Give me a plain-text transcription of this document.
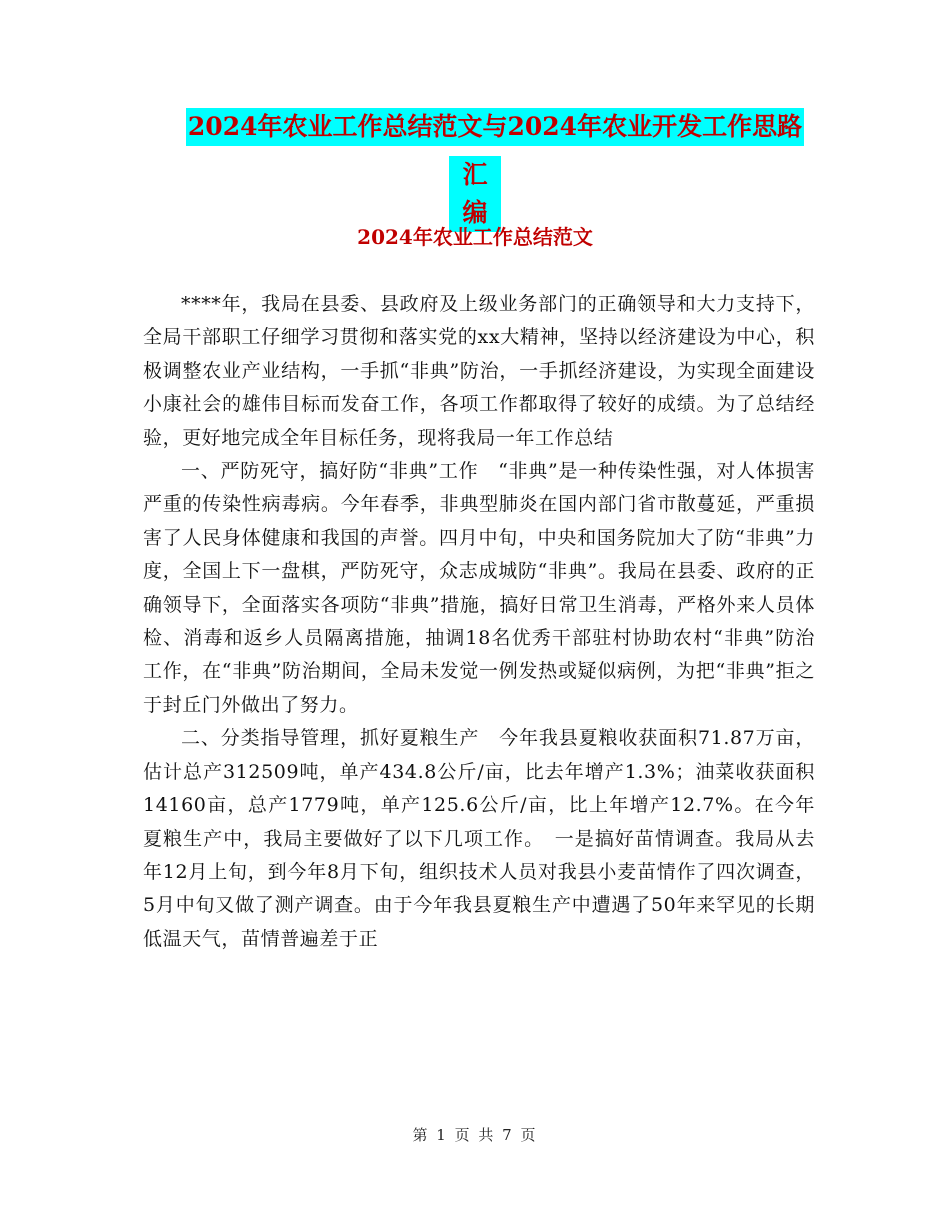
2024年农业工作总结范文与2024年农业开发工作思路
汇编
2024年农业工作总结范文

****年，我局在县委、县政府及上级业务部门的正确领导和大力支持下，全局干部职工仔细学习贯彻和落实党的xx大精神，坚持以经济建设为中心，积极调整农业产业结构，一手抓“非典”防治，一手抓经济建设，为实现全面建设小康社会的雄伟目标而发奋工作，各项工作都取得了较好的成绩。为了总结经验，更好地完成全年目标任务，现将我局一年工作总结

一、严防死守，搞好防“非典”工作　“非典”是一种传染性强，对人体损害严重的传染性病毒病。今年春季，非典型肺炎在国内部门省市散蔓延，严重损害了人民身体健康和我国的声誉。四月中旬，中央和国务院加大了防“非典”力度，全国上下一盘棋，严防死守，众志成城防“非典”。我局在县委、政府的正确领导下，全面落实各项防“非典”措施，搞好日常卫生消毒，严格外来人员体检、消毒和返乡人员隔离措施，抽调18名优秀干部驻村协助农村“非典”防治工作，在“非典”防治期间，全局未发觉一例发热或疑似病例，为把“非典”拒之于封丘门外做出了努力。

二、分类指导管理，抓好夏粮生产　今年我县夏粮收获面积71.87万亩，估计总产312509吨，单产434.8公斤/亩，比去年增产1.3%；油菜收获面积14160亩，总产1779吨，单产125.6公斤/亩，比上年增产12.7%。在今年夏粮生产中，我局主要做好了以下几项工作。　一是搞好苗情调查。我局从去年12月上旬，到今年8月下旬，组织技术人员对我县小麦苗情作了四次调查，5月中旬又做了测产调查。由于今年我县夏粮生产中遭遇了50年来罕见的长期低温天气，苗情普遍差于正

第 1 页 共 7 页
